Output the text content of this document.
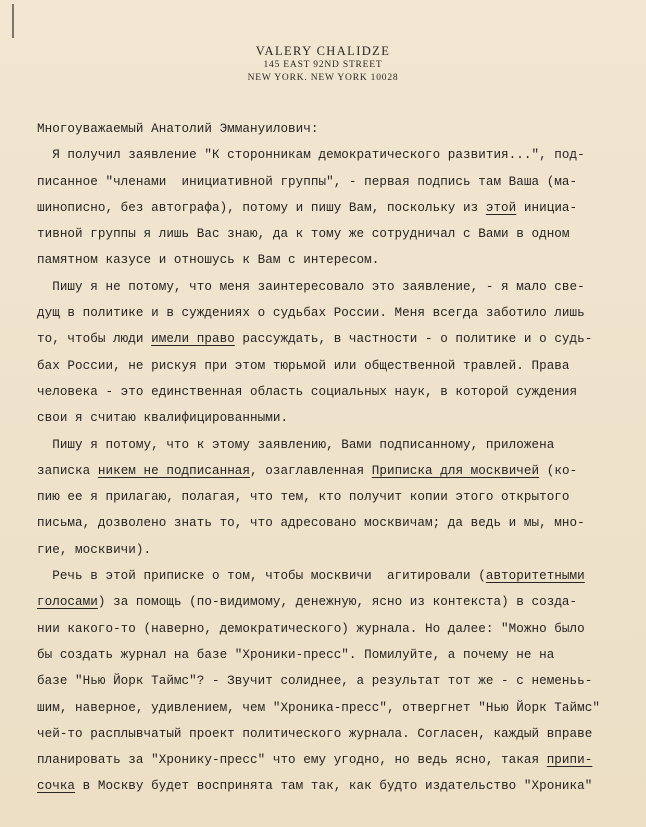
VALERY CHALIDZE
145 EAST 92ND STREET
NEW YORK. NEW YORK 10028
Многоуважаемый Анатолий Эммануилович:
Я получил заявление "К сторонникам демократического развития...", под-
писанное "членами  инициативной группы", - первая подпись там Ваша (ма-
шинописно, без автографа), потому и пишу Вам, поскольку из этой инициа-
тивной группы я лишь Вас знаю, да к тому же сотрудничал с Вами в одном
памятном казусе и отношусь к Вам с интересом.
Пишу я не потому, что меня заинтересовало это заявление, - я мало све-
дущ в политике и в суждениях о судьбах России. Меня всегда заботило лишь
то, чтобы люди имели право рассуждать, в частности - о политике и о судь-
бах России, не рискуя при этом тюрьмой или общественной травлей. Права
человека - это единственная область социальных наук, в которой суждения
свои я считаю квалифицированными.
Пишу я потому, что к этому заявлению, Вами подписанному, приложена
записка никем не подписанная, озаглавленная Приписка для москвичей (ко-
пию ее я прилагаю, полагая, что тем, кто получит копии этого открытого
письма, дозволено знать то, что адресовано москвичам; да ведь и мы, мно-
гие, москвичи).
Речь в этой приписке о том, чтобы москвичи  агитировали (авторитетными
голосами) за помощь (по-видимому, денежную, ясно из контекста) в созда-
нии какого-то (наверно, демократического) журнала. Но далее: "Можно было
бы создать журнал на базе "Хроники-пресс". Помилуйте, а почему не на
базе "Нью Йорк Таймс"? - Звучит солиднее, а результат тот же - с неменьь-
шим, наверное, удивлением, чем "Хроника-пресс", отвергнет "Нью Йорк Таймс"
чей-то расплывчатый проект политического журнала. Согласен, каждый вправе
планировать за "Хронику-пресс" что ему угодно, но ведь ясно, такая припи-
сочка в Москву будет воспринята там так, как будто издательство "Хроника"
